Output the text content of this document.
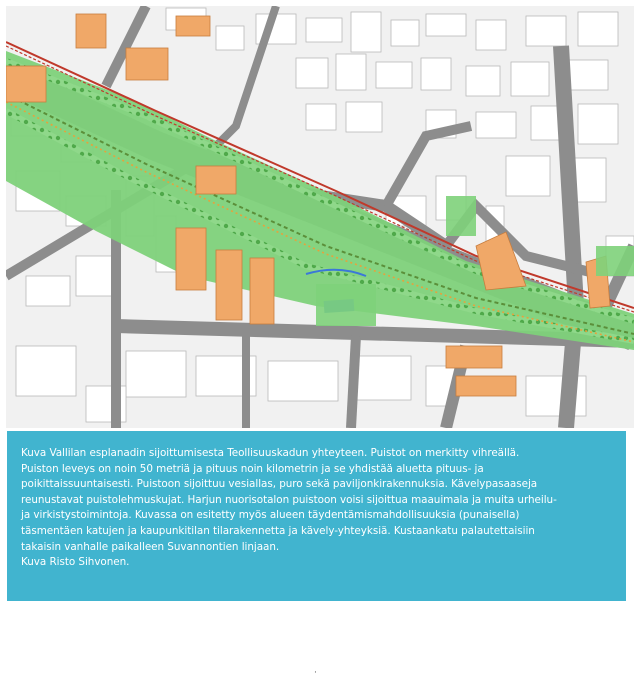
Kuva Vallilan esplanadin sijoittumisesta Teollisuuskadun yhteyteen. Puistot on merkitty vihreällä.
Puiston leveys on noin 50 metriä ja pituus noin kilometrin ja se yhdistää aluetta pituus- ja
poikittaissuuntaisesti. Puistoon sijoittuu vesiallas, puro sekä paviljonkirakennuksia. Kävelypasaaseja
reunustavat puistolehmuskujat. Harjun nuorisotalon puistoon voisi sijoittua maauimala ja muita urheilu-
ja virkistystoimintoja. Kuvassa on esitetty myös alueen täydentämismahdollisuuksia (punaisella)
täsmentäen katujen ja kaupunkitilan tilarakennetta ja kävely-yhteyksiä. Kustaankatu palautettaisiin
takaisin vanhalle paikalleen Suvannontien linjaan.
Kuva Risto Sihvonen.
·
